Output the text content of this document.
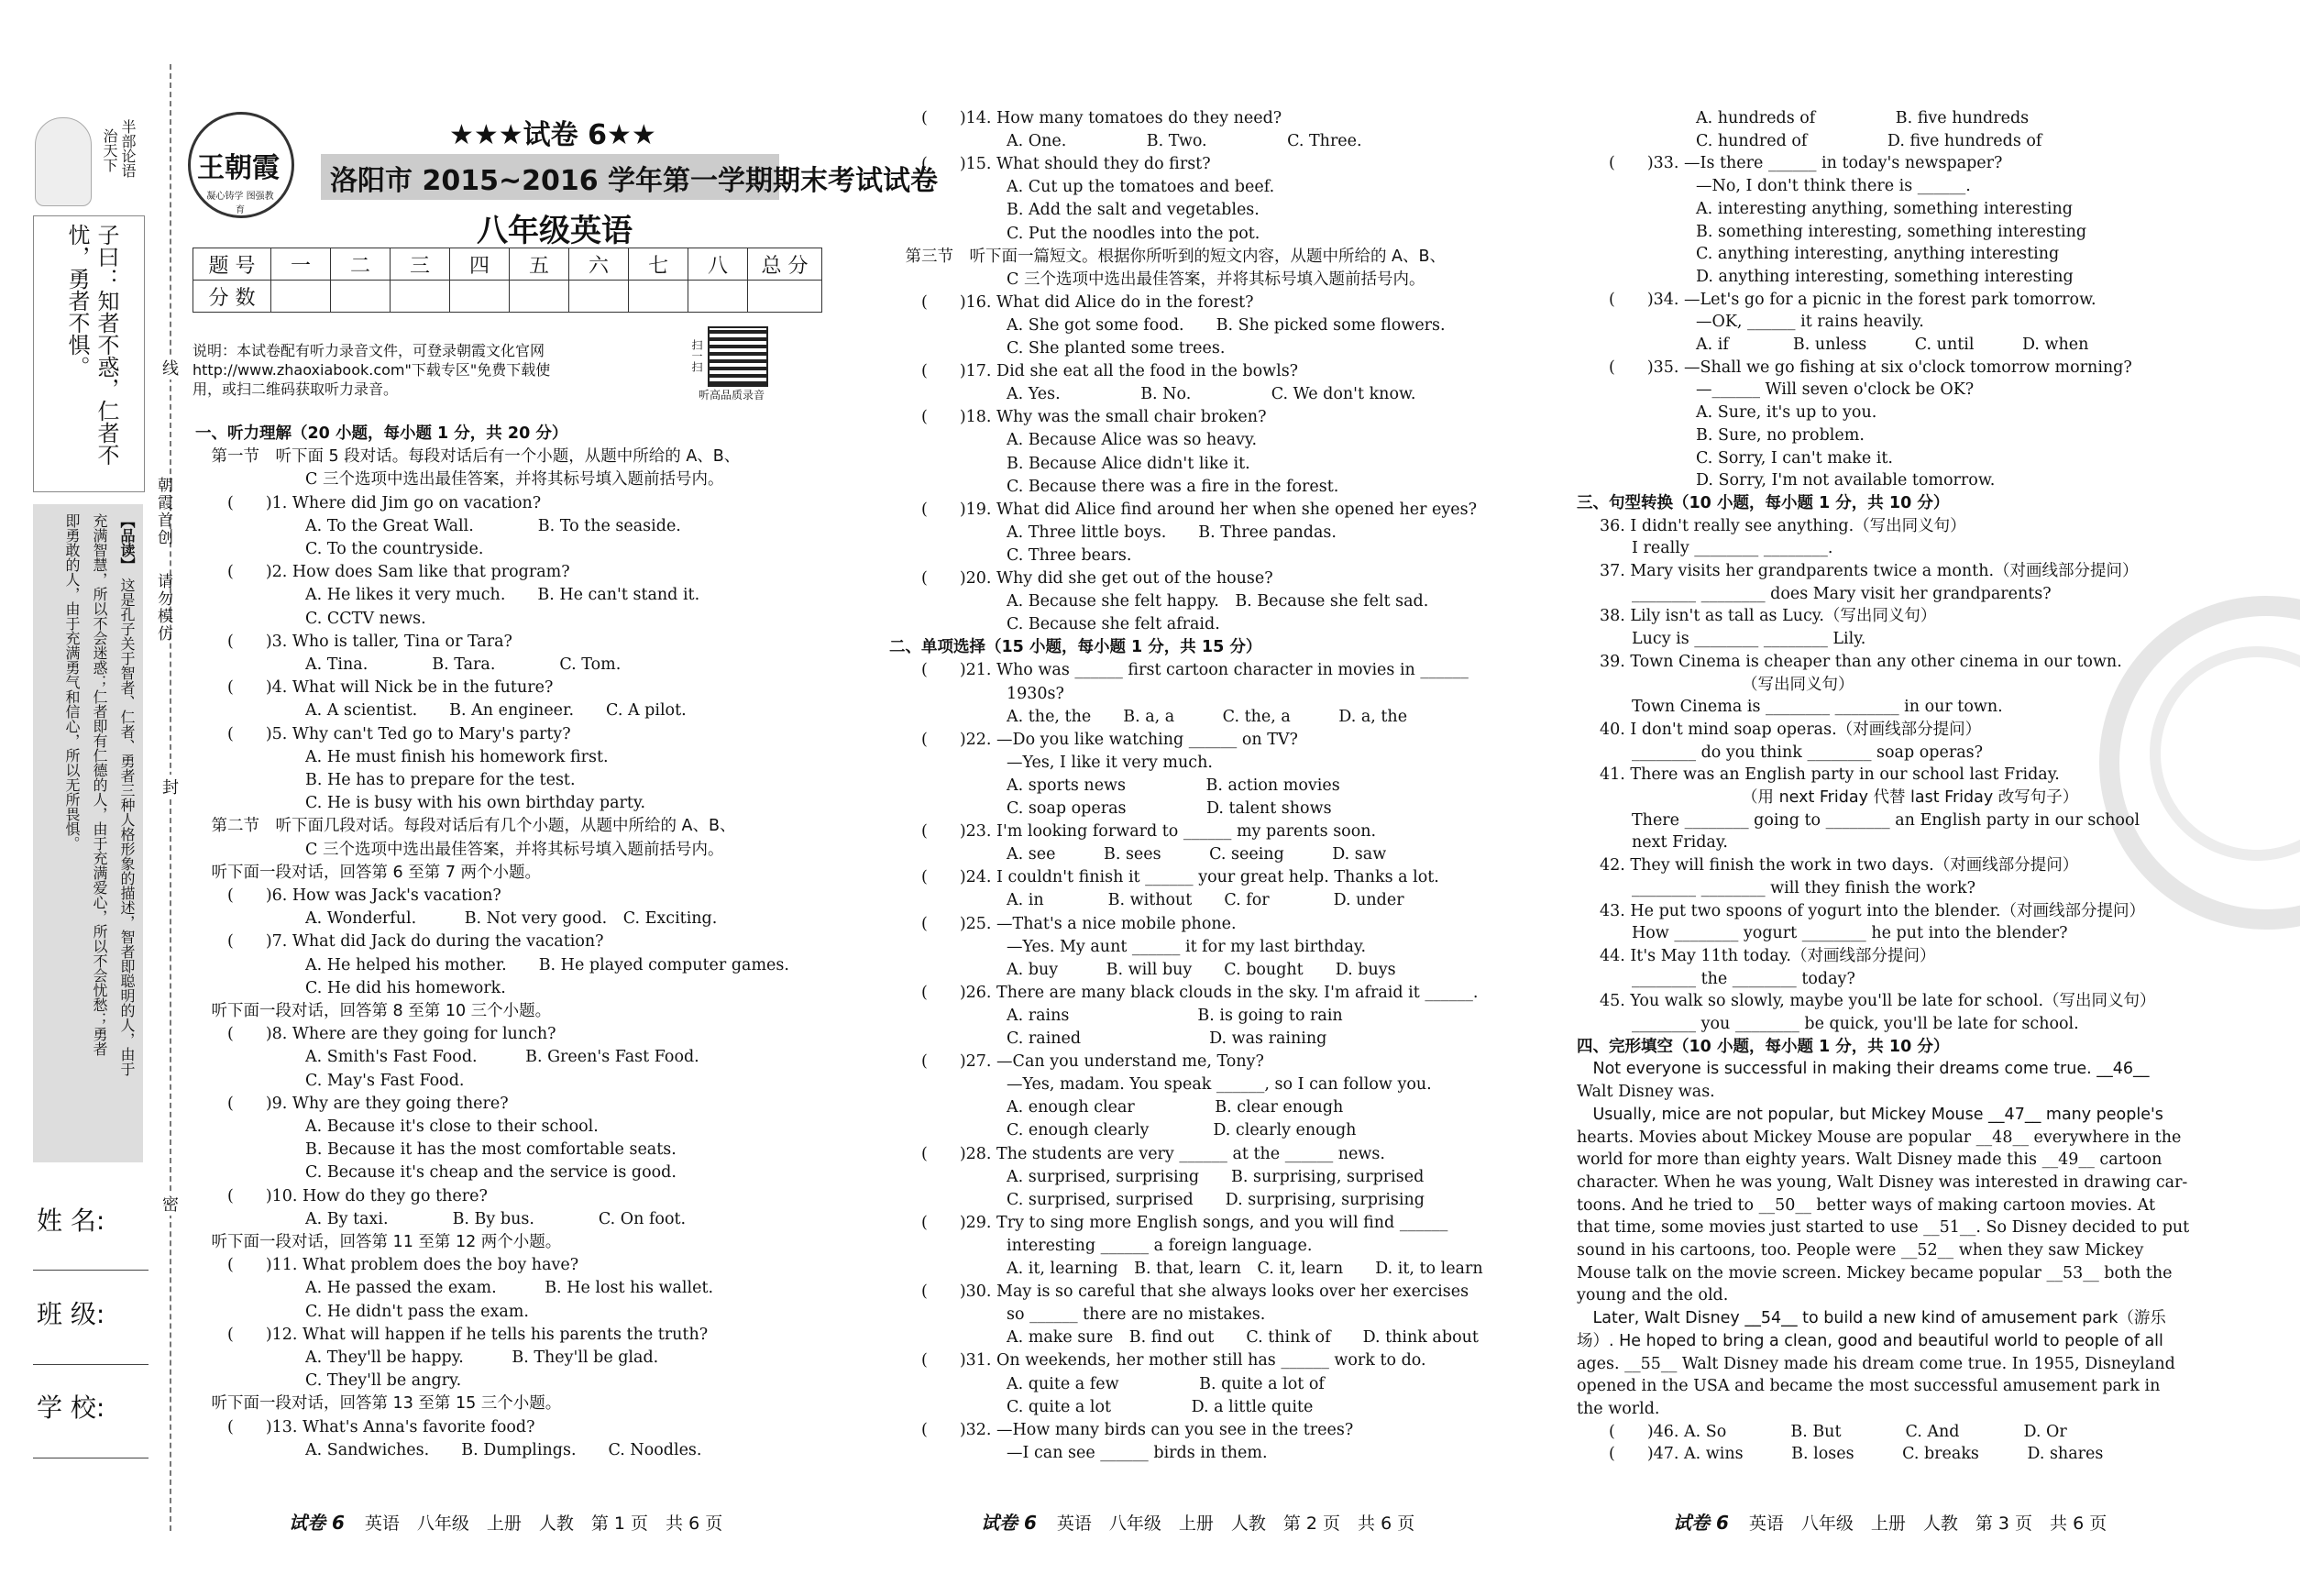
半部论语
治天下
子曰：知者不惑，仁者不
忧，勇者不惧。
【品读】
这是孔子关于智者、仁者、勇者三种人格形象的描述，智者即聪明的人，由于
充满智慧，所以不会迷惑；仁者即有仁德的人，由于充满爱心，所以不会忧愁；勇者
即勇敢的人，由于充满勇气和信心，所以无所畏惧。
姓 名:
班 级:
学 校:
线
封
密
朝霞首创
请勿模仿
王朝霞
凝心铸学 图强教育
★★★试卷 6★★
洛阳市 2015~2016 学年第一学期期末考试试卷
八年级英语
题 号	一	二	三	四	五	六	七	八	总 分
分 数									
说明：本试卷配有听力录音文件，可登录朝霞文化官网
http://www.zhaoxiabook.com"下载专区"免费下载使
用，或扫二维码获取听力录音。
扫一扫
听高品质录音
一、听力理解（20 小题，每小题 1 分，共 20 分）
　第一节　听下面 5 段对话。每段对话后有一个小题，从题中所给的 A、B、
C 三个选项中选出最佳答案，并将其标号填入题前括号内。
(　　)1. Where did Jim go on vacation?
A. To the Great Wall.　　　　B. To the seaside.
C. To the countryside.
(　　)2. How does Sam like that program?
A. He likes it very much.　　B. He can't stand it.
C. CCTV news.
(　　)3. Who is taller, Tina or Tara?
A. Tina.　　　　B. Tara.　　　　C. Tom.
(　　)4. What will Nick be in the future?
A. A scientist.　　B. An engineer.　　C. A pilot.
(　　)5. Why can't Ted go to Mary's party?
A. He must finish his homework first.
B. He has to prepare for the test.
C. He is busy with his own birthday party.
　第二节　听下面几段对话。每段对话后有几个小题，从题中所给的 A、B、
C 三个选项中选出最佳答案，并将其标号填入题前括号内。
　听下面一段对话，回答第 6 至第 7 两个小题。
(　　)6. How was Jack's vacation?
A. Wonderful.　　　B. Not very good.　C. Exciting.
(　　)7. What did Jack do during the vacation?
A. He helped his mother.　　B. He played computer games.
C. He did his homework.
　听下面一段对话，回答第 8 至第 10 三个小题。
(　　)8. Where are they going for lunch?
A. Smith's Fast Food.　　　B. Green's Fast Food.
C. May's Fast Food.
(　　)9. Why are they going there?
A. Because it's close to their school.
B. Because it has the most comfortable seats.
C. Because it's cheap and the service is good.
(　　)10. How do they go there?
A. By taxi.　　　　B. By bus.　　　　C. On foot.
　听下面一段对话，回答第 11 至第 12 两个小题。
(　　)11. What problem does the boy have?
A. He passed the exam.　　　B. He lost his wallet.
C. He didn't pass the exam.
(　　)12. What will happen if he tells his parents the truth?
A. They'll be happy.　　　B. They'll be glad.
C. They'll be angry.
　听下面一段对话，回答第 13 至第 15 三个小题。
(　　)13. What's Anna's favorite food?
A. Sandwiches.　　B. Dumplings.　　C. Noodles.
(　　)14. How many tomatoes do they need?
A. One.　　　　　B. Two.　　　　　C. Three.
(　　)15. What should they do first?
A. Cut up the tomatoes and beef.
B. Add the salt and vegetables.
C. Put the noodles into the pot.
　第三节　听下面一篇短文。根据你所听到的短文内容，从题中所给的 A、B、
C 三个选项中选出最佳答案，并将其标号填入题前括号内。
(　　)16. What did Alice do in the forest?
A. She got some food.　　B. She picked some flowers.
C. She planted some trees.
(　　)17. Did she eat all the food in the bowls?
A. Yes.　　　　　B. No.　　　　　C. We don't know.
(　　)18. Why was the small chair broken?
A. Because Alice was so heavy.
B. Because Alice didn't like it.
C. Because there was a fire in the forest.
(　　)19. What did Alice find around her when she opened her eyes?
A. Three little boys.　　B. Three pandas.
C. Three bears.
(　　)20. Why did she get out of the house?
A. Because she felt happy.　B. Because she felt sad.
C. Because she felt afraid.
二、单项选择（15 小题，每小题 1 分，共 15 分）
(　　)21. Who was ______ first cartoon character in movies in ______
1930s?
A. the, the　　B. a, a　　　C. the, a　　　D. a, the
(　　)22. —Do you like watching ______ on TV?
—Yes, I like it very much.
A. sports news　　　　　B. action movies
C. soap operas　　　　　D. talent shows
(　　)23. I'm looking forward to ______ my parents soon.
A. see　　　B. sees　　　C. seeing　　　D. saw
(　　)24. I couldn't finish it ______ your great help. Thanks a lot.
A. in　　　　B. without　　C. for　　　　D. under
(　　)25. —That's a nice mobile phone.
—Yes. My aunt ______ it for my last birthday.
A. buy　　　B. will buy　　C. bought　　D. buys
(　　)26. There are many black clouds in the sky. I'm afraid it ______.
A. rains　　　　　　　　B. is going to rain
C. rained　　　　　　　　D. was raining
(　　)27. —Can you understand me, Tony?
—Yes, madam. You speak ______, so I can follow you.
A. enough clear　　　　　B. clear enough
C. enough clearly　　　　D. clearly enough
(　　)28. The students are very ______ at the ______ news.
A. surprised, surprising　　B. surprising, surprised
C. surprised, surprised　　D. surprising, surprising
(　　)29. Try to sing more English songs, and you will find ______
interesting ______ a foreign language.
A. it, learning　B. that, learn　C. it, learn　　D. it, to learn
(　　)30. May is so careful that she always looks over her exercises
so ______ there are no mistakes.
A. make sure　B. find out　　C. think of　　D. think about
(　　)31. On weekends, her mother still has ______ work to do.
A. quite a few　　　　　B. quite a lot of
C. quite a lot　　　　　D. a little quite
(　　)32. —How many birds can you see in the trees?
—I can see ______ birds in them.
A. hundreds of　　　　　B. five hundreds
C. hundred of　　　　　D. five hundreds of
(　　)33. —Is there ______ in today's newspaper?
—No, I don't think there is ______.
A. interesting anything, something interesting
B. something interesting, something interesting
C. anything interesting, anything interesting
D. anything interesting, something interesting
(　　)34. —Let's go for a picnic in the forest park tomorrow.
—OK, ______ it rains heavily.
A. if　　　　B. unless　　　C. until　　　D. when
(　　)35. —Shall we go fishing at six o'clock tomorrow morning?
—______ Will seven o'clock be OK?
A. Sure, it's up to you.
B. Sure, no problem.
C. Sorry, I can't make it.
D. Sorry, I'm not available tomorrow.
三、句型转换（10 小题，每小题 1 分，共 10 分）
36. I didn't really see anything.（写出同义句）
I really ________ ________.
37. Mary visits her grandparents twice a month.（对画线部分提问）
________ ________ does Mary visit her grandparents?
38. Lily isn't as tall as Lucy.（写出同义句）
Lucy is ________ ________ Lily.
39. Town Cinema is cheaper than any other cinema in our town.
（写出同义句）
Town Cinema is ________ ________ in our town.
40. I don't mind soap operas.（对画线部分提问）
________ do you think ________ soap operas?
41. There was an English party in our school last Friday.
（用 next Friday 代替 last Friday 改写句子）
There ________ going to ________ an English party in our school
next Friday.
42. They will finish the work in two days.（对画线部分提问）
________ ________ will they finish the work?
43. He put two spoons of yogurt into the blender.（对画线部分提问）
How ________ yogurt ________ he put into the blender?
44. It's May 11th today.（对画线部分提问）
________ the ________ today?
45. You walk so slowly, maybe you'll be late for school.（写出同义句）
________ you ________ be quick, you'll be late for school.
四、完形填空（10 小题，每小题 1 分，共 10 分）
　Not everyone is successful in making their dreams come true. __46__
Walt Disney was.
　Usually, mice are not popular, but Mickey Mouse __47__ many people's
hearts. Movies about Mickey Mouse are popular __48__ everywhere in the
world for more than eighty years. Walt Disney made this __49__ cartoon
character. When he was young, Walt Disney was interested in drawing car-
toons. And he tried to __50__ better ways of making cartoon movies. At
that time, some movies just started to use __51__. So Disney decided to put
sound in his cartoons, too. People were __52__ when they saw Mickey
Mouse talk on the movie screen. Mickey became popular __53__ both the
young and the old.
　Later, Walt Disney __54__ to build a new kind of amusement park（游乐
场）. He hoped to bring a clean, good and beautiful world to people of all
ages. __55__ Walt Disney made his dream come true. In 1955, Disneyland
opened in the USA and became the most successful amusement park in
the world.
(　　)46. A. So　　　　B. But　　　　C. And　　　　D. Or
(　　)47. A. wins　　　B. loses　　　C. breaks　　　D. shares
试卷 6 英语　八年级　上册　人教　第 1 页　共 6 页	试卷 6 英语　八年级　上册　人教　第 2 页　共 6 页	试卷 6 英语　八年级　上册　人教　第 3 页　共 6 页
